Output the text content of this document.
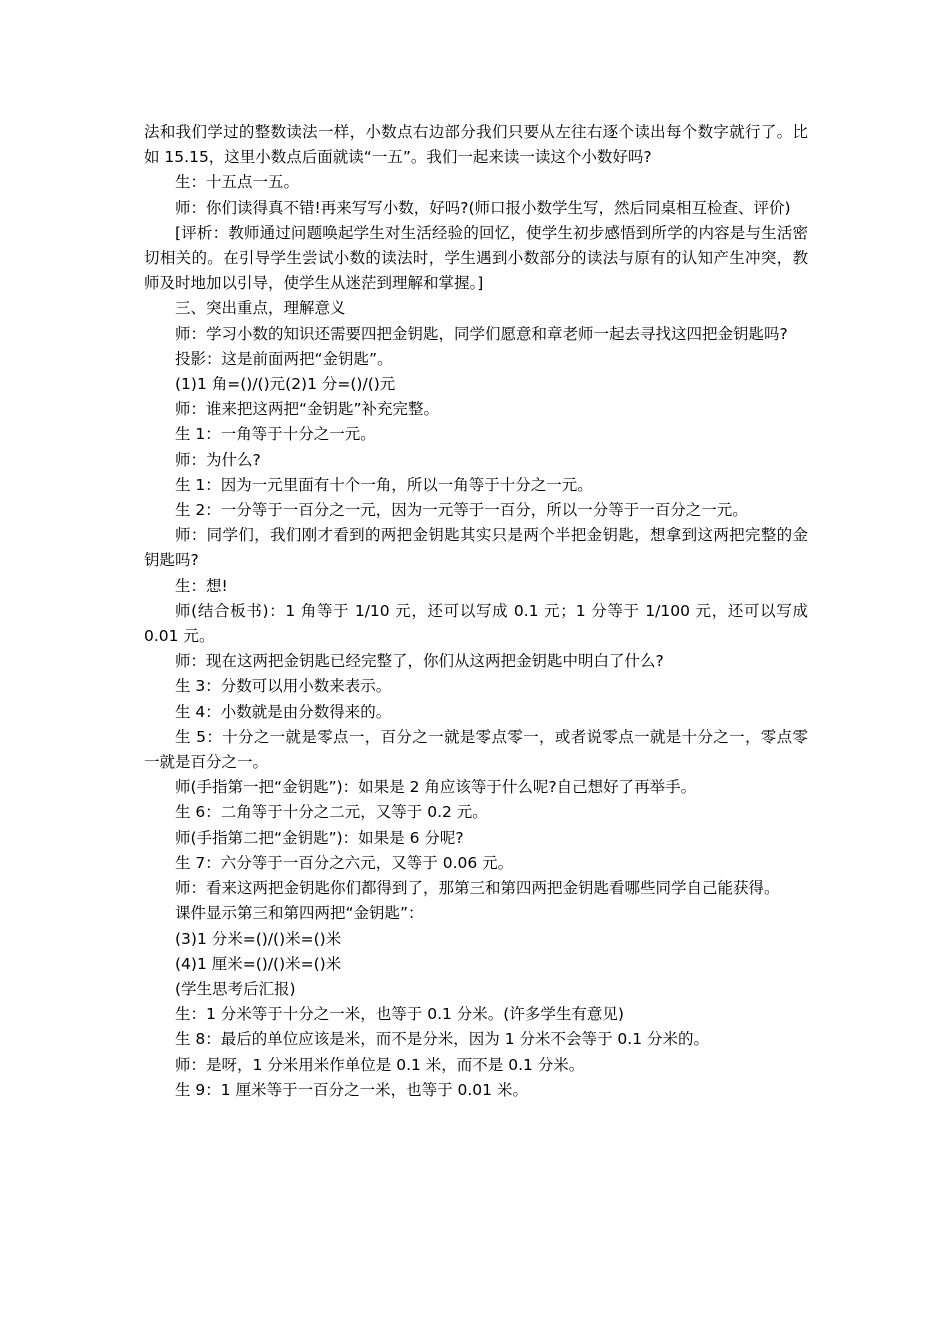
法和我们学过的整数读法一样，小数点右边部分我们只要从左往右逐个读出每个数字就行了。比如 15.15，这里小数点后面就读“一五”。我们一起来读一读这个小数好吗?

生：十五点一五。

师：你们读得真不错!再来写写小数，好吗?(师口报小数学生写，然后同桌相互检查、评价)

[评析：教师通过问题唤起学生对生活经验的回忆，使学生初步感悟到所学的内容是与生活密切相关的。在引导学生尝试小数的读法时，学生遇到小数部分的读法与原有的认知产生冲突，教师及时地加以引导，使学生从迷茫到理解和掌握。]

三、突出重点，理解意义

师：学习小数的知识还需要四把金钥匙，同学们愿意和章老师一起去寻找这四把金钥匙吗?

投影：这是前面两把“金钥匙”。

(1)1 角=()/()元(2)1 分=()/()元

师：谁来把这两把“金钥匙”补充完整。

生 1：一角等于十分之一元。

师：为什么?

生 1：因为一元里面有十个一角，所以一角等于十分之一元。

生 2：一分等于一百分之一元，因为一元等于一百分，所以一分等于一百分之一元。

师：同学们，我们刚才看到的两把金钥匙其实只是两个半把金钥匙，想拿到这两把完整的金钥匙吗?

生：想!

师(结合板书)：1 角等于 1/10 元，还可以写成 0.1 元；1 分等于 1/100 元，还可以写成 0.01 元。

师：现在这两把金钥匙已经完整了，你们从这两把金钥匙中明白了什么?

生 3：分数可以用小数来表示。

生 4：小数就是由分数得来的。

生 5：十分之一就是零点一，百分之一就是零点零一，或者说零点一就是十分之一，零点零一就是百分之一。

师(手指第一把“金钥匙”)：如果是 2 角应该等于什么呢?自己想好了再举手。

生 6：二角等于十分之二元，又等于 0.2 元。

师(手指第二把“金钥匙”)：如果是 6 分呢?

生 7：六分等于一百分之六元，又等于 0.06 元。

师：看来这两把金钥匙你们都得到了，那第三和第四两把金钥匙看哪些同学自己能获得。

课件显示第三和第四两把“金钥匙”：

(3)1 分米=()/()米=()米

(4)1 厘米=()/()米=()米

(学生思考后汇报)

生：1 分米等于十分之一米，也等于 0.1 分米。(许多学生有意见)

生 8：最后的单位应该是米，而不是分米，因为 1 分米不会等于 0.1 分米的。

师：是呀，1 分米用米作单位是 0.1 米，而不是 0.1 分米。

生 9：1 厘米等于一百分之一米，也等于 0.01 米。
